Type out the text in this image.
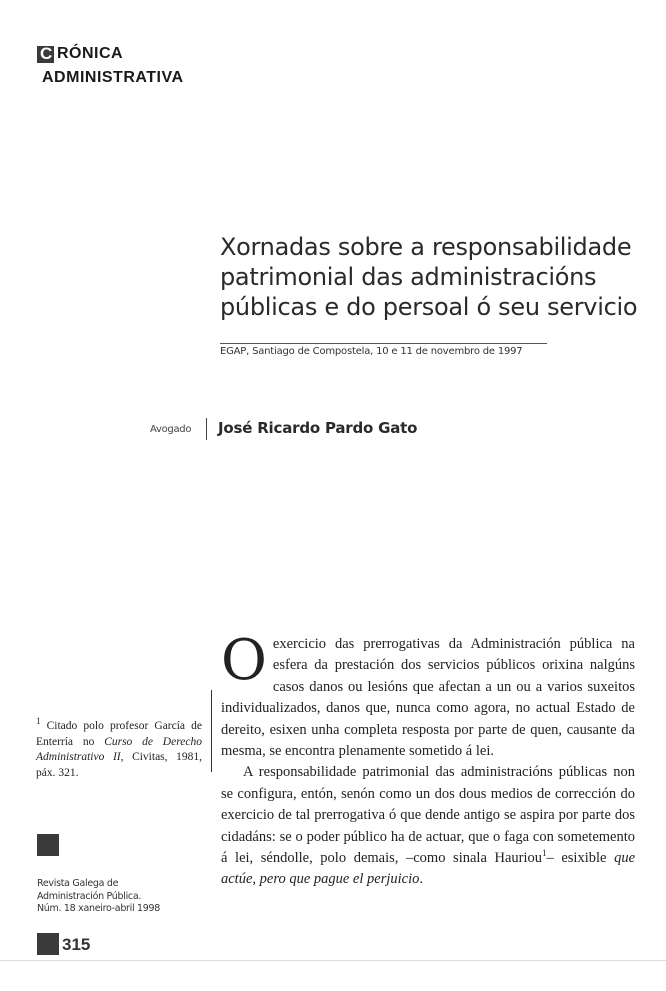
C RÓNICA
ADMINISTRATIVA
Xornadas sobre a responsabilidade
patrimonial das administracións
públicas e do persoal ó seu servicio
EGAP, Santiago de Compostela, 10 e 11 de novembro de 1997
Avogado José Ricardo Pardo Gato

Oexercicio das prerrogativas da Administración pública na esfera da prestación dos servicios públicos orixina nalgúns casos danos ou lesións que afectan a un ou a varios suxeitos individualizados, danos que, nunca como agora, no actual Estado de dereito, esixen unha completa resposta por parte de quen, causante da mesma, se encontra plenamente sometido á lei.

A responsabilidade patrimonial das administracións públicas non se configura, entón, senón como un dos dous medios de corrección do exercicio de tal prerrogativa ó que dende antigo se aspira por parte dos cidadáns: se o poder público ha de actuar, que o faga con sometemento á lei, séndolle, polo demais, –como sinala Hauriou$^1$– esixible que actúe, pero que pague el perjuicio.

$^1$ Citado polo profesor García de Enterría no Curso de Derecho Administrativo II, Civitas, 1981, páx. 321.
Revista Galega de
Administración Pública.
Núm. 18 xaneiro-abril 1998
315
